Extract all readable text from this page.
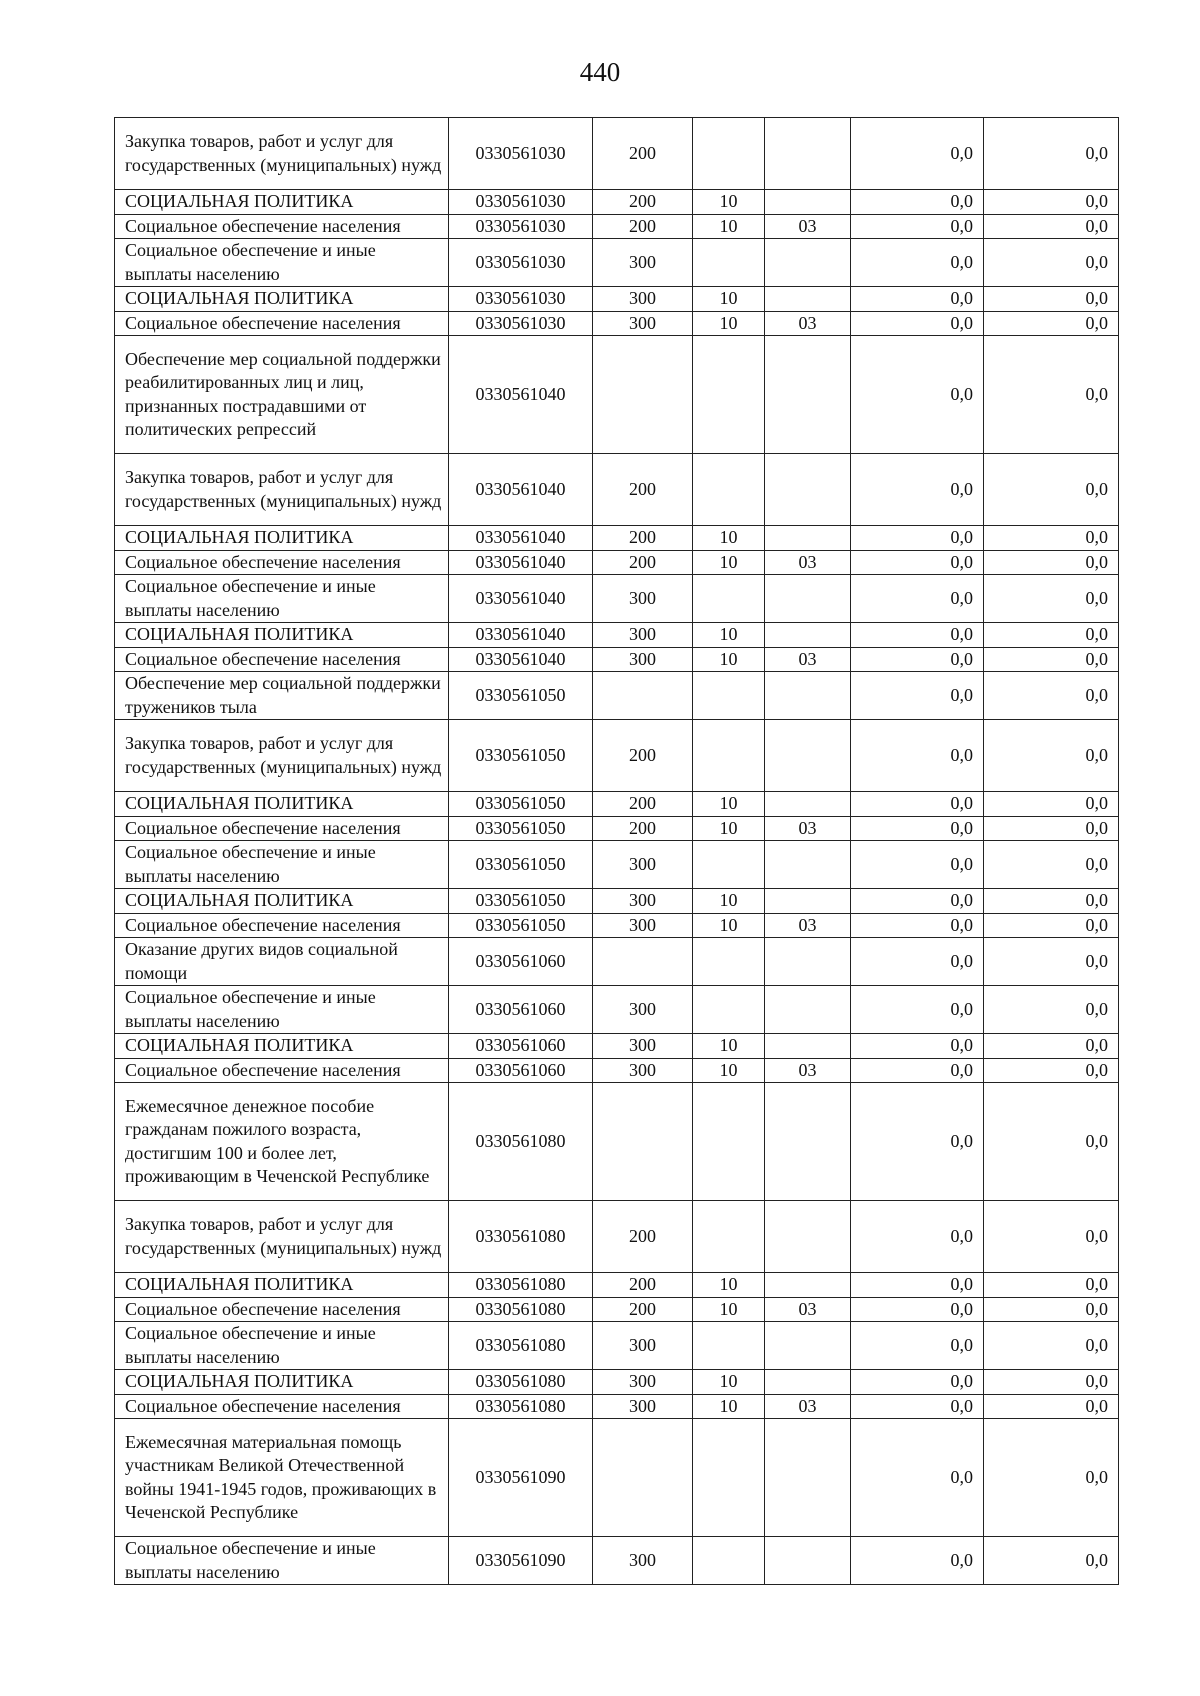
440
Закупка товаров, работ и услуг для государственных (муниципальных) нужд	0330561030	200			0,0	0,0
СОЦИАЛЬНАЯ ПОЛИТИКА	0330561030	200	10		0,0	0,0
Социальное обеспечение населения	0330561030	200	10	03	0,0	0,0
Социальное обеспечение и иные выплаты населению	0330561030	300			0,0	0,0
СОЦИАЛЬНАЯ ПОЛИТИКА	0330561030	300	10		0,0	0,0
Социальное обеспечение населения	0330561030	300	10	03	0,0	0,0
Обеспечение мер социальной поддержки реабилитированных лиц и лиц, признанных пострадавшими от политических репрессий	0330561040				0,0	0,0
Закупка товаров, работ и услуг для государственных (муниципальных) нужд	0330561040	200			0,0	0,0
СОЦИАЛЬНАЯ ПОЛИТИКА	0330561040	200	10		0,0	0,0
Социальное обеспечение населения	0330561040	200	10	03	0,0	0,0
Социальное обеспечение и иные выплаты населению	0330561040	300			0,0	0,0
СОЦИАЛЬНАЯ ПОЛИТИКА	0330561040	300	10		0,0	0,0
Социальное обеспечение населения	0330561040	300	10	03	0,0	0,0
Обеспечение мер социальной поддержки тружеников тыла	0330561050				0,0	0,0
Закупка товаров, работ и услуг для государственных (муниципальных) нужд	0330561050	200			0,0	0,0
СОЦИАЛЬНАЯ ПОЛИТИКА	0330561050	200	10		0,0	0,0
Социальное обеспечение населения	0330561050	200	10	03	0,0	0,0
Социальное обеспечение и иные выплаты населению	0330561050	300			0,0	0,0
СОЦИАЛЬНАЯ ПОЛИТИКА	0330561050	300	10		0,0	0,0
Социальное обеспечение населения	0330561050	300	10	03	0,0	0,0
Оказание других видов социальной помощи	0330561060				0,0	0,0
Социальное обеспечение и иные выплаты населению	0330561060	300			0,0	0,0
СОЦИАЛЬНАЯ ПОЛИТИКА	0330561060	300	10		0,0	0,0
Социальное обеспечение населения	0330561060	300	10	03	0,0	0,0
Ежемесячное денежное пособие гражданам пожилого возраста, достигшим 100 и более лет, проживающим в Чеченской Республике	0330561080				0,0	0,0
Закупка товаров, работ и услуг для государственных (муниципальных) нужд	0330561080	200			0,0	0,0
СОЦИАЛЬНАЯ ПОЛИТИКА	0330561080	200	10		0,0	0,0
Социальное обеспечение населения	0330561080	200	10	03	0,0	0,0
Социальное обеспечение и иные выплаты населению	0330561080	300			0,0	0,0
СОЦИАЛЬНАЯ ПОЛИТИКА	0330561080	300	10		0,0	0,0
Социальное обеспечение населения	0330561080	300	10	03	0,0	0,0
Ежемесячная материальная помощь участникам Великой Отечественной войны 1941-1945 годов, проживающих в Чеченской Республике	0330561090				0,0	0,0
Социальное обеспечение и иные выплаты населению	0330561090	300			0,0	0,0
